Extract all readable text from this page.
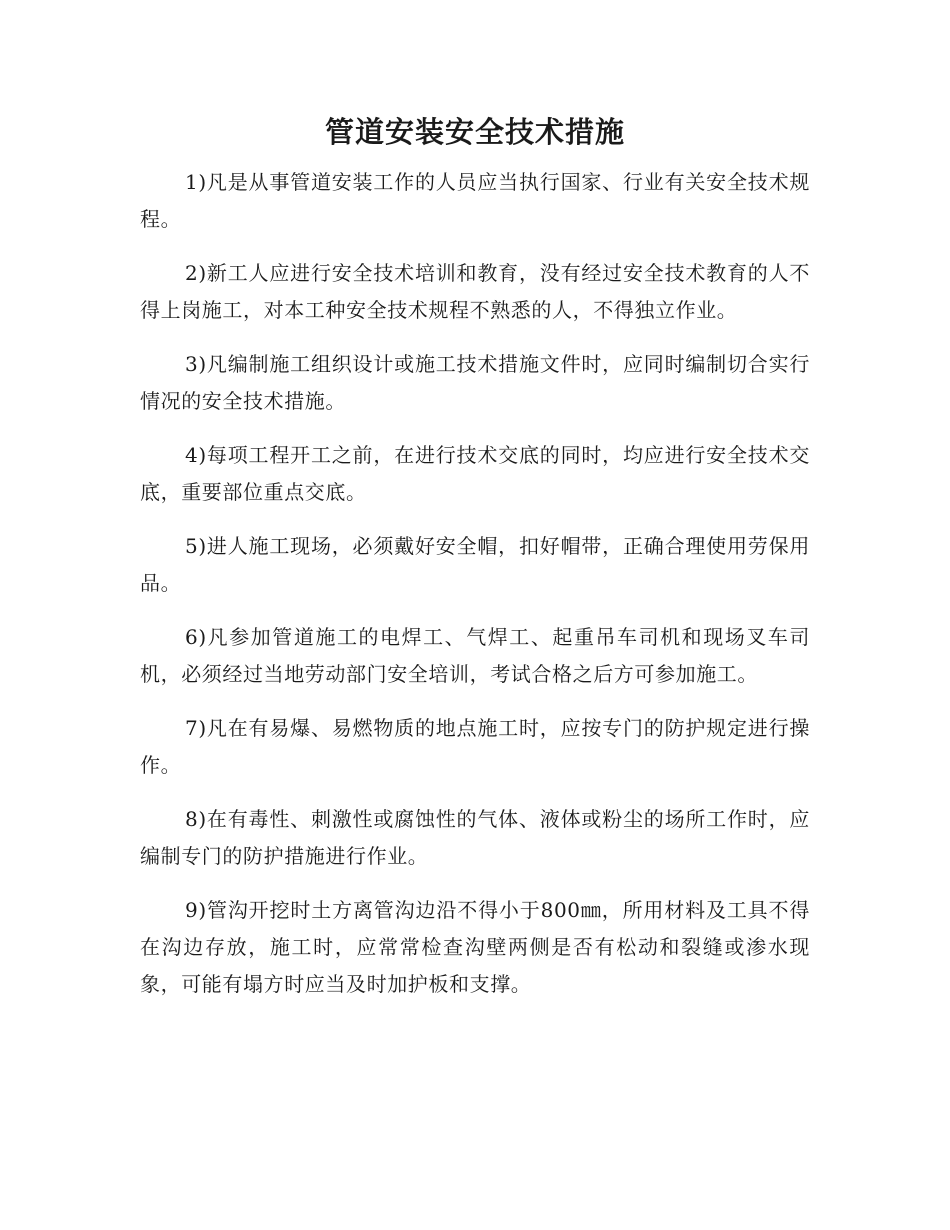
管道安装安全技术措施

1)凡是从事管道安装工作的人员应当执行国家、行业有关安全技术规程。

2)新工人应进行安全技术培训和教育，没有经过安全技术教育的人不得上岗施工，对本工种安全技术规程不熟悉的人，不得独立作业。

3)凡编制施工组织设计或施工技术措施文件时，应同时编制切合实行情况的安全技术措施。

4)每项工程开工之前，在进行技术交底的同时，均应进行安全技术交底，重要部位重点交底。

5)进人施工现场，必须戴好安全帽，扣好帽带，正确合理使用劳保用品。

6)凡参加管道施工的电焊工、气焊工、起重吊车司机和现场叉车司机，必须经过当地劳动部门安全培训，考试合格之后方可参加施工。

7)凡在有易爆、易燃物质的地点施工时，应按专门的防护规定进行操作。

8)在有毒性、刺激性或腐蚀性的气体、液体或粉尘的场所工作时，应编制专门的防护措施进行作业。

9)管沟开挖时土方离管沟边沿不得小于800㎜，所用材料及工具不得在沟边存放，施工时，应常常检查沟壁两侧是否有松动和裂缝或渗水现象，可能有塌方时应当及时加护板和支撑。
